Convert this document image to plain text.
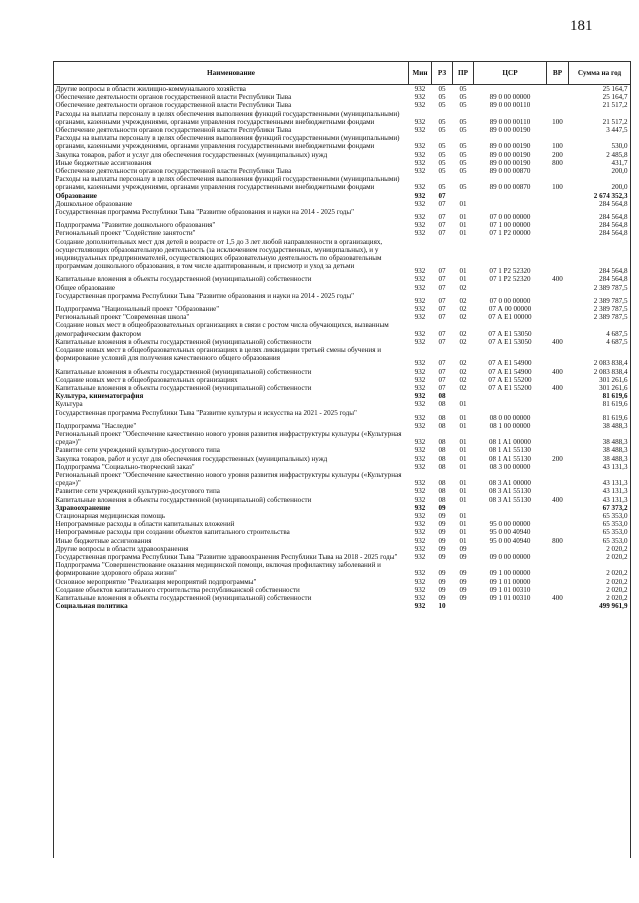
181
Наименование	Мин	РЗ	ПР	ЦСР	ВР	Сумма на год
Другие вопросы в области жилищно-коммунального хозяйства	932	05	05			25 164,7
Обеспечение деятельности органов государственной власти Республики Тыва	932	05	05	89 0 00 00000		25 164,7
Обеспечение деятельности органов государственной власти Республики Тыва	932	05	05	89 0 00 00110		21 517,2
Расходы на выплаты персоналу в целях обеспечения выполнения функций государственными (муниципальными) органами, казенными учреждениями, органами управления государственными внебюджетными фондами	932	05	05	89 0 00 00110	100	21 517,2
Обеспечение деятельности органов государственной власти Республики Тыва	932	05	05	89 0 00 00190		3 447,5
Расходы на выплаты персоналу в целях обеспечения выполнения функций государственными (муниципальными) органами, казенными учреждениями, органами управления государственными внебюджетными фондами	932	05	05	89 0 00 00190	100	530,0
Закупка товаров, работ и услуг для обеспечения государственных (муниципальных) нужд	932	05	05	89 0 00 00190	200	2 485,8
Иные бюджетные ассигнования	932	05	05	89 0 00 00190	800	431,7
Обеспечение деятельности органов государственной власти Республики Тыва	932	05	05	89 0 00 00870		200,0
Расходы на выплаты персоналу в целях обеспечения выполнения функций государственными (муниципальными) органами, казенными учреждениями, органами управления государственными внебюджетными фондами	932	05	05	89 0 00 00870	100	200,0
Образование	932	07				2 674 352,3
Дошкольное образование	932	07	01			284 564,8
Государственная программа Республики Тыва "Развитие образования и науки на 2014 - 2025 годы"	932	07	01	07 0 00 00000		284 564,8
Подпрограмма "Развитие дошкольного образования"	932	07	01	07 1 00 00000		284 564,8
Региональный проект "Содействие занятости"	932	07	01	07 1 P2 00000		284 564,8
Создание дополнительных мест для детей в возрасте от 1,5 до 3 лет любой направленности в организациях, осуществляющих образовательную деятельность (за исключением государственных, муниципальных), и у индивидуальных предпринимателей, осуществляющих образовательную деятельность по образовательным программам дошкольного образования, в том числе адаптированным, и присмотр и уход за детьми	932	07	01	07 1 P2 52320		284 564,8
Капитальные вложения в объекты государственной (муниципальной) собственности	932	07	01	07 1 P2 52320	400	284 564,8
Общее образование	932	07	02			2 389 787,5
Государственная программа Республики Тыва "Развитие образования и науки на 2014 - 2025 годы"	932	07	02	07 0 00 00000		2 389 787,5
Подпрограмма "Национальный проект "Образование"	932	07	02	07 А 00 00000		2 389 787,5
Региональный проект "Современная школа"	932	07	02	07 А E1 00000		2 389 787,5
Создание новых мест в общеобразовательных организациях в связи с ростом числа обучающихся, вызванным демографическим фактором	932	07	02	07 А E1 53050		4 687,5
Капитальные вложения в объекты государственной (муниципальной) собственности	932	07	02	07 А E1 53050	400	4 687,5
Создание новых мест в общеобразовательных организациях в целях ликвидации третьей смены обучения и формирование условий для получения качественного общего образования	932	07	02	07 А E1 54900		2 083 838,4
Капитальные вложения в объекты государственной (муниципальной) собственности	932	07	02	07 А E1 54900	400	2 083 838,4
Создание новых мест в общеобразовательных организациях	932	07	02	07 А E1 55200		301 261,6
Капитальные вложения в объекты государственной (муниципальной) собственности	932	07	02	07 А E1 55200	400	301 261,6
Культура, кинематография	932	08				81 619,6
Культура	932	08	01			81 619,6
Государственная программа Республики Тыва "Развитие культуры и искусства на 2021 - 2025 годы"	932	08	01	08 0 00 00000		81 619,6
Подпрограмма "Наследие"	932	08	01	08 1 00 00000		38 488,3
Региональный проект "Обеспечение качественно нового уровня развития инфраструктуры культуры («Культурная среда»)"	932	08	01	08 1 A1 00000		38 488,3
Развитие сети учреждений культурно-досугового типа	932	08	01	08 1 A1 55130		38 488,3
Закупка товаров, работ и услуг для обеспечения государственных (муниципальных) нужд	932	08	01	08 1 A1 55130	200	38 488,3
Подпрограмма "Социально-творческий заказ"	932	08	01	08 3 00 00000		43 131,3
Региональный проект "Обеспечение качественно нового уровня развития инфраструктуры культуры («Культурная среда»)"	932	08	01	08 3 A1 00000		43 131,3
Развитие сети учреждений культурно-досугового типа	932	08	01	08 3 A1 55130		43 131,3
Капитальные вложения в объекты государственной (муниципальной) собственности	932	08	01	08 3 A1 55130	400	43 131,3
Здравоохранение	932	09				67 373,2
Стационарная медицинская помощь	932	09	01			65 353,0
Непрограммные расходы в области капитальных вложений	932	09	01	95 0 00 00000		65 353,0
Непрограммные расходы при создании объектов капитального строительства	932	09	01	95 0 00 40940		65 353,0
Иные бюджетные ассигнования	932	09	01	95 0 00 40940	800	65 353,0
Другие вопросы в области здравоохранения	932	09	09			2 020,2
Государственная программа Республики Тыва "Развитие здравоохранения Республики Тыва на 2018 - 2025 годы"	932	09	09	09 0 00 00000		2 020,2
Подпрограмма "Совершенствование оказания медицинской помощи, включая профилактику заболеваний и формирование здорового образа жизни"	932	09	09	09 1 00 00000		2 020,2
Основное мероприятие "Реализация мероприятий подпрограммы"	932	09	09	09 1 01 00000		2 020,2
Создание объектов капитального строительства республиканской собственности	932	09	09	09 1 01 00310		2 020,2
Капитальные вложения в объекты государственной (муниципальной) собственности	932	09	09	09 1 01 00310	400	2 020,2
Социальная политика	932	10				499 961,9
